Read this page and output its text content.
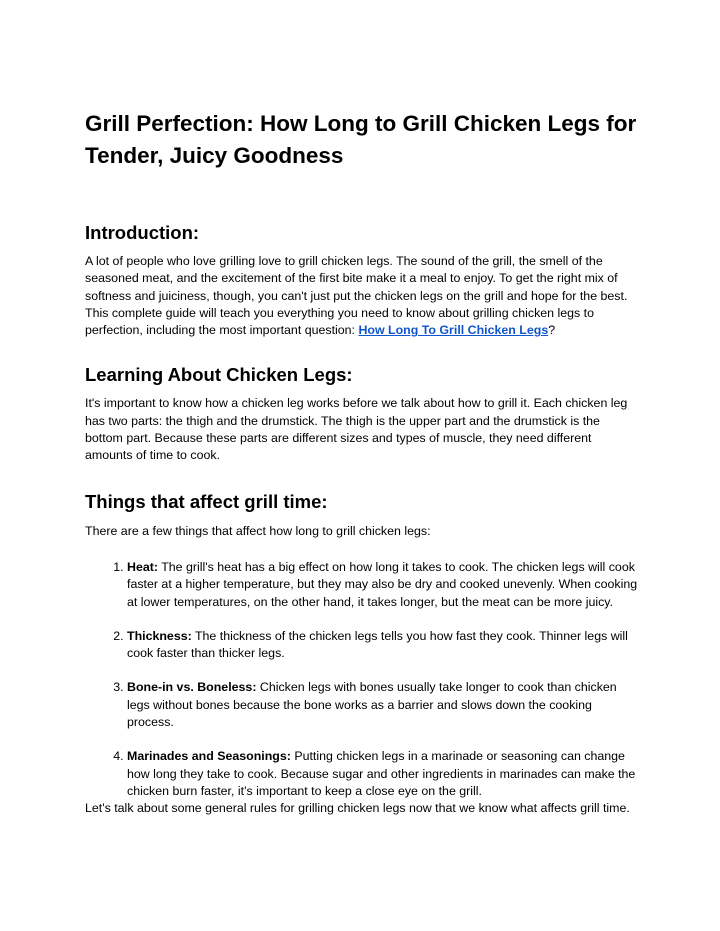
Grill Perfection: How Long to Grill Chicken Legs for Tender, Juicy Goodness
Introduction:

A lot of people who love grilling love to grill chicken legs. The sound of the grill, the smell of the seasoned meat, and the excitement of the first bite make it a meal to enjoy. To get the right mix of softness and juiciness, though, you can't just put the chicken legs on the grill and hope for the best. This complete guide will teach you everything you need to know about grilling chicken legs to perfection, including the most important question: How Long To Grill Chicken Legs?

Learning About Chicken Legs:

It's important to know how a chicken leg works before we talk about how to grill it. Each chicken leg has two parts: the thigh and the drumstick. The thigh is the upper part and the drumstick is the bottom part. Because these parts are different sizes and types of muscle, they need different amounts of time to cook.

Things that affect grill time:

There are a few things that affect how long to grill chicken legs:

1. Heat: The grill's heat has a big effect on how long it takes to cook. The chicken legs will cook faster at a higher temperature, but they may also be dry and cooked unevenly. When cooking at lower temperatures, on the other hand, it takes longer, but the meat can be more juicy.
2. Thickness: The thickness of the chicken legs tells you how fast they cook. Thinner legs will cook faster than thicker legs.
3. Bone-in vs. Boneless: Chicken legs with bones usually take longer to cook than chicken legs without bones because the bone works as a barrier and slows down the cooking process.
4. Marinades and Seasonings: Putting chicken legs in a marinade or seasoning can change how long they take to cook. Because sugar and other ingredients in marinades can make the chicken burn faster, it's important to keep a close eye on the grill.

Let's talk about some general rules for grilling chicken legs now that we know what affects grill time.
